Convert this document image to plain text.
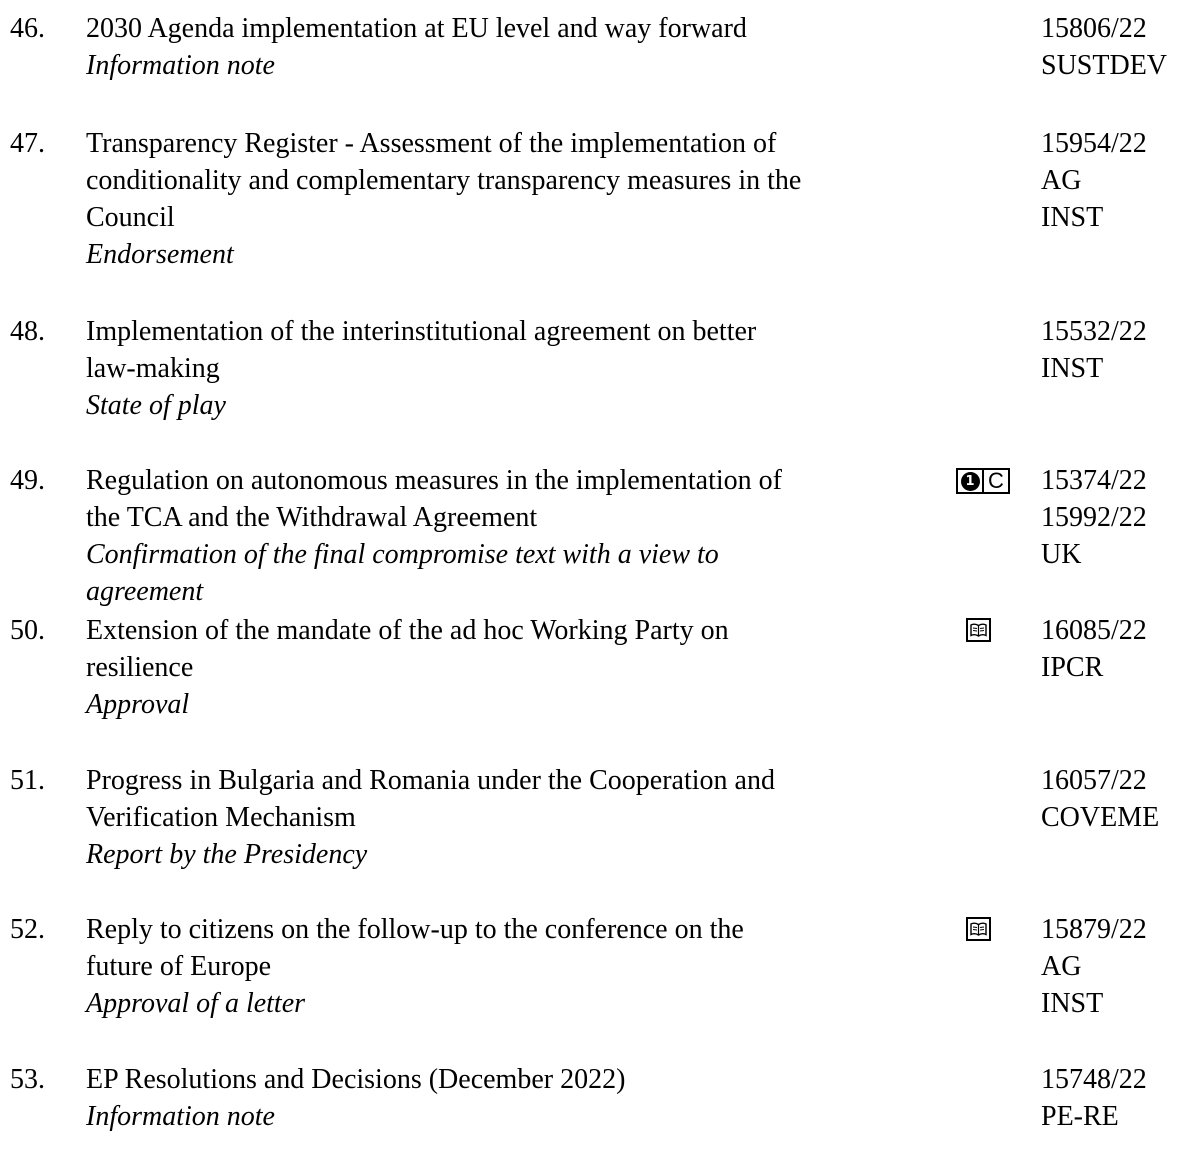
46. 2030 Agenda implementation at EU level and way forward
Information note
15806/22
SUSTDEV
47. Transparency Register - Assessment of the implementation of
conditionality and complementary transparency measures in the
Council
Endorsement
15954/22
AG
INST
48. Implementation of the interinstitutional agreement on better
law-making
State of play
15532/22
INST
49. Regulation on autonomous measures in the implementation of
the TCA and the Withdrawal Agreement
Confirmation of the final compromise text with a view to
agreement
1 C 15374/22
15992/22
UK
50. Extension of the mandate of the ad hoc Working Party on
resilience
Approval
16085/22
IPCR
51. Progress in Bulgaria and Romania under the Cooperation and
Verification Mechanism
Report by the Presidency
16057/22
COVEME
52. Reply to citizens on the follow-up to the conference on the
future of Europe
Approval of a letter
15879/22
AG
INST
53. EP Resolutions and Decisions (December 2022)
Information note
15748/22
PE-RE
